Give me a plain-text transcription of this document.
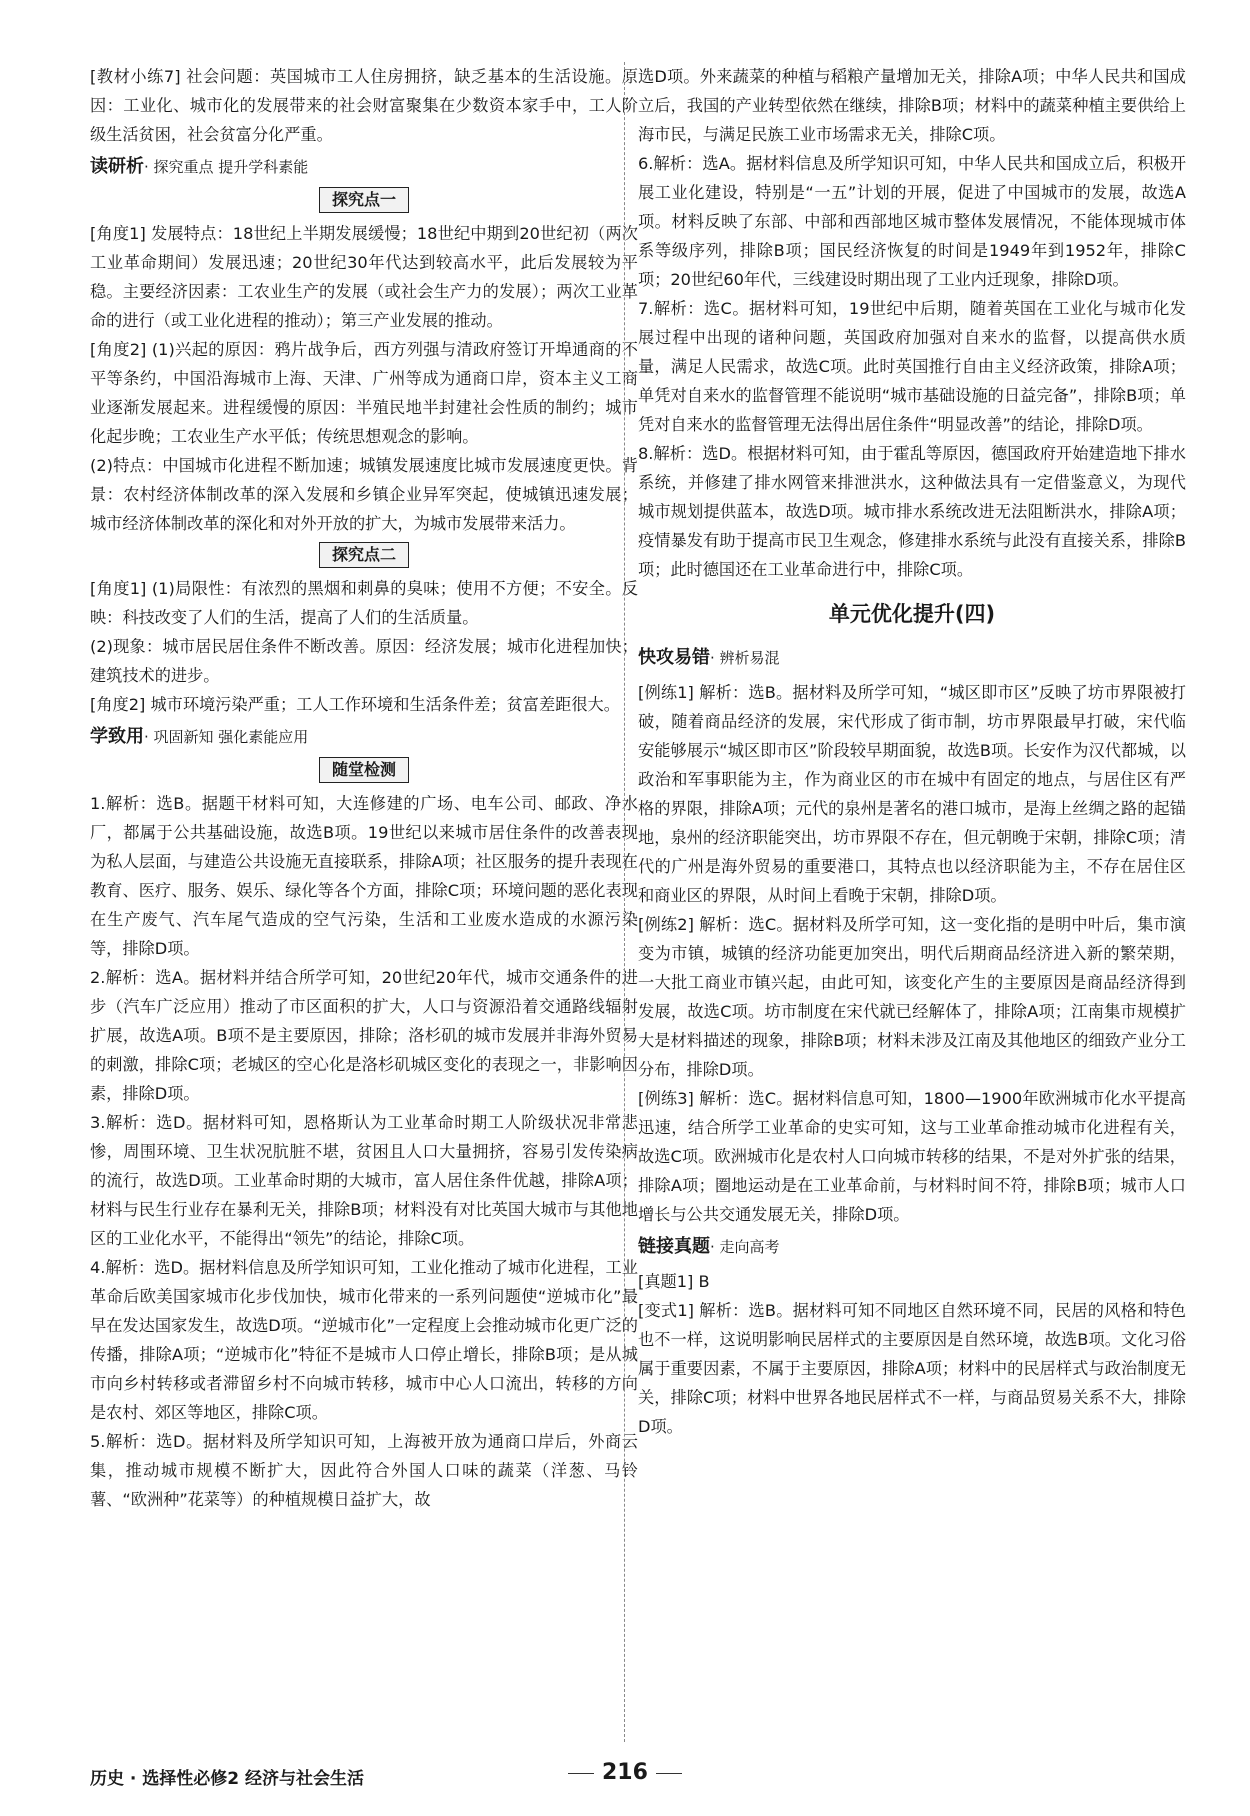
[教材小练7] 社会问题：英国城市工人住房拥挤，缺乏基本的生活设施。原因：工业化、城市化的发展带来的社会财富聚集在少数资本家手中，工人阶级生活贫困，社会贫富分化严重。

读研析· 探究重点 提升学科素能
探究点一

[角度1] 发展特点：18世纪上半期发展缓慢；18世纪中期到20世纪初（两次工业革命期间）发展迅速；20世纪30年代达到较高水平，此后发展较为平稳。主要经济因素：工农业生产的发展（或社会生产力的发展）；两次工业革命的进行（或工业化进程的推动）；第三产业发展的推动。

[角度2] (1)兴起的原因：鸦片战争后，西方列强与清政府签订开埠通商的不平等条约，中国沿海城市上海、天津、广州等成为通商口岸，资本主义工商业逐渐发展起来。进程缓慢的原因：半殖民地半封建社会性质的制约；城市化起步晚；工农业生产水平低；传统思想观念的影响。

(2)特点：中国城市化进程不断加速；城镇发展速度比城市发展速度更快。背景：农村经济体制改革的深入发展和乡镇企业异军突起，使城镇迅速发展；城市经济体制改革的深化和对外开放的扩大，为城市发展带来活力。

探究点二

[角度1] (1)局限性：有浓烈的黑烟和刺鼻的臭味；使用不方便；不安全。反映：科技改变了人们的生活，提高了人们的生活质量。

(2)现象：城市居民居住条件不断改善。原因：经济发展；城市化进程加快；建筑技术的进步。

[角度2] 城市环境污染严重；工人工作环境和生活条件差；贫富差距很大。

学致用· 巩固新知 强化素能应用
随堂检测

1.解析：选B。据题干材料可知，大连修建的广场、电车公司、邮政、净水厂，都属于公共基础设施，故选B项。19世纪以来城市居住条件的改善表现为私人层面，与建造公共设施无直接联系，排除A项；社区服务的提升表现在教育、医疗、服务、娱乐、绿化等各个方面，排除C项；环境问题的恶化表现在生产废气、汽车尾气造成的空气污染，生活和工业废水造成的水源污染等，排除D项。

2.解析：选A。据材料并结合所学可知，20世纪20年代，城市交通条件的进步（汽车广泛应用）推动了市区面积的扩大，人口与资源沿着交通路线辐射扩展，故选A项。B项不是主要原因，排除；洛杉矶的城市发展并非海外贸易的刺激，排除C项；老城区的空心化是洛杉矶城区变化的表现之一，非影响因素，排除D项。

3.解析：选D。据材料可知，恩格斯认为工业革命时期工人阶级状况非常悲惨，周围环境、卫生状况肮脏不堪，贫困且人口大量拥挤，容易引发传染病的流行，故选D项。工业革命时期的大城市，富人居住条件优越，排除A项；材料与民生行业存在暴利无关，排除B项；材料没有对比英国大城市与其他地区的工业化水平，不能得出“领先”的结论，排除C项。

4.解析：选D。据材料信息及所学知识可知，工业化推动了城市化进程，工业革命后欧美国家城市化步伐加快，城市化带来的一系列问题使“逆城市化”最早在发达国家发生，故选D项。“逆城市化”一定程度上会推动城市化更广泛的传播，排除A项；“逆城市化”特征不是城市人口停止增长，排除B项；是从城市向乡村转移或者滞留乡村不向城市转移，城市中心人口流出，转移的方向是农村、郊区等地区，排除C项。

5.解析：选D。据材料及所学知识可知，上海被开放为通商口岸后，外商云集，推动城市规模不断扩大，因此符合外国人口味的蔬菜（洋葱、马铃薯、“欧洲种”花菜等）的种植规模日益扩大，故

选D项。外来蔬菜的种植与稻粮产量增加无关，排除A项；中华人民共和国成立后，我国的产业转型依然在继续，排除B项；材料中的蔬菜种植主要供给上海市民，与满足民族工业市场需求无关，排除C项。

6.解析：选A。据材料信息及所学知识可知，中华人民共和国成立后，积极开展工业化建设，特别是“一五”计划的开展，促进了中国城市的发展，故选A项。材料反映了东部、中部和西部地区城市整体发展情况，不能体现城市体系等级序列，排除B项；国民经济恢复的时间是1949年到1952年，排除C项；20世纪60年代，三线建设时期出现了工业内迁现象，排除D项。

7.解析：选C。据材料可知，19世纪中后期，随着英国在工业化与城市化发展过程中出现的诸种问题，英国政府加强对自来水的监督，以提高供水质量，满足人民需求，故选C项。此时英国推行自由主义经济政策，排除A项；单凭对自来水的监督管理不能说明“城市基础设施的日益完备”，排除B项；单凭对自来水的监督管理无法得出居住条件“明显改善”的结论，排除D项。

8.解析：选D。根据材料可知，由于霍乱等原因，德国政府开始建造地下排水系统，并修建了排水网管来排泄洪水，这种做法具有一定借鉴意义，为现代城市规划提供蓝本，故选D项。城市排水系统改进无法阻断洪水，排除A项；疫情暴发有助于提高市民卫生观念，修建排水系统与此没有直接关系，排除B项；此时德国还在工业革命进行中，排除C项。

单元优化提升(四)
快攻易错· 辨析易混

[例练1] 解析：选B。据材料及所学可知，“城区即市区”反映了坊市界限被打破，随着商品经济的发展，宋代形成了街市制，坊市界限最早打破，宋代临安能够展示“城区即市区”阶段较早期面貌，故选B项。长安作为汉代都城，以政治和军事职能为主，作为商业区的市在城中有固定的地点，与居住区有严格的界限，排除A项；元代的泉州是著名的港口城市，是海上丝绸之路的起锚地，泉州的经济职能突出，坊市界限不存在，但元朝晚于宋朝，排除C项；清代的广州是海外贸易的重要港口，其特点也以经济职能为主，不存在居住区和商业区的界限，从时间上看晚于宋朝，排除D项。

[例练2] 解析：选C。据材料及所学可知，这一变化指的是明中叶后，集市演变为市镇，城镇的经济功能更加突出，明代后期商品经济进入新的繁荣期，一大批工商业市镇兴起，由此可知，该变化产生的主要原因是商品经济得到发展，故选C项。坊市制度在宋代就已经解体了，排除A项；江南集市规模扩大是材料描述的现象，排除B项；材料未涉及江南及其他地区的细致产业分工分布，排除D项。

[例练3] 解析：选C。据材料信息可知，1800—1900年欧洲城市化水平提高迅速，结合所学工业革命的史实可知，这与工业革命推动城市化进程有关，故选C项。欧洲城市化是农村人口向城市转移的结果，不是对外扩张的结果，排除A项；圈地运动是在工业革命前，与材料时间不符，排除B项；城市人口增长与公共交通发展无关，排除D项。

链接真题· 走向高考

[真题1] B

[变式1] 解析：选B。据材料可知不同地区自然环境不同，民居的风格和特色也不一样，这说明影响民居样式的主要原因是自然环境，故选B项。文化习俗属于重要因素，不属于主要原因，排除A项；材料中的民居样式与政治制度无关，排除C项；材料中世界各地民居样式不一样，与商品贸易关系不大，排除D项。

历史 · 选择性必修2 经济与社会生活	216
